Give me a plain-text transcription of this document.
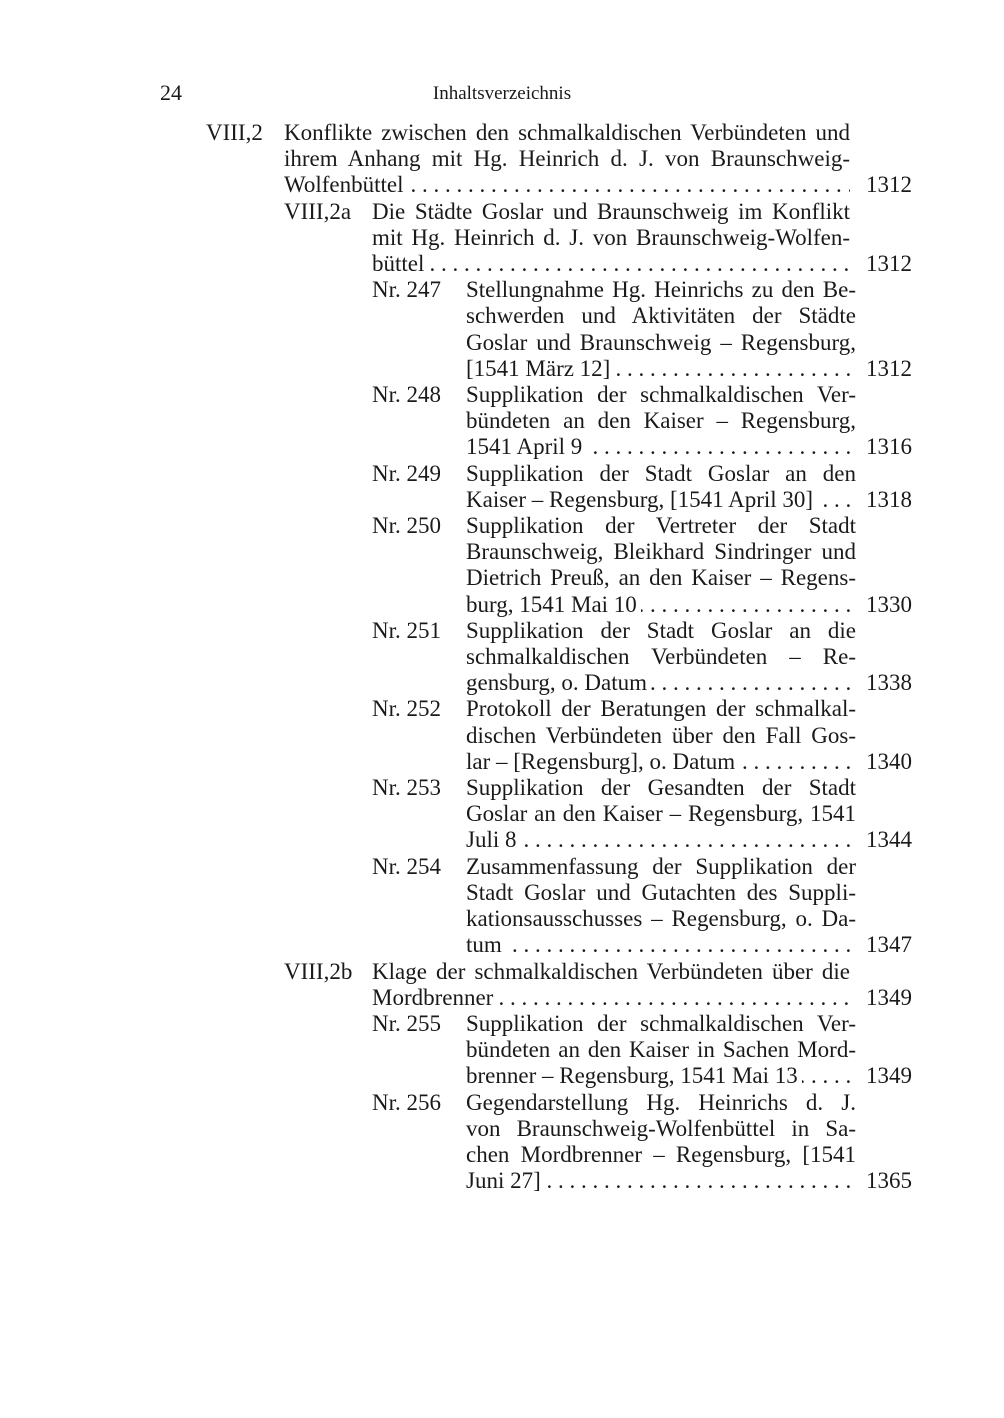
24	Inhaltsverzeichnis
VIII,2 Konflikte zwischen den schmalkaldischen Verbündeten und
ihrem Anhang mit Hg. Heinrich d. J. von Braunschweig-
Wolfenbüttel . . .	1312
VIII,2a Die Städte Goslar und Braunschweig im Konflikt
mit Hg. Heinrich d. J. von Braunschweig-Wolfen-
büttel . . .	1312
Nr. 247 Stellungnahme Hg. Heinrichs zu den Be-
schwerden und Aktivitäten der Städte
Goslar und Braunschweig – Regensburg,
[1541 März 12] . . .	1312
Nr. 248 Supplikation der schmalkaldischen Ver-
bündeten an den Kaiser – Regensburg,
1541 April 9 . . .	1316
Nr. 249 Supplikation der Stadt Goslar an den
Kaiser – Regensburg, [1541 April 30] . . .	1318
Nr. 250 Supplikation der Vertreter der Stadt
Braunschweig, Bleikhard Sindringer und
Dietrich Preuß, an den Kaiser – Regens-
burg, 1541 Mai 10 . . .	1330
Nr. 251 Supplikation der Stadt Goslar an die
schmalkaldischen Verbündeten – Re-
gensburg, o. Datum . . .	1338
Nr. 252 Protokoll der Beratungen der schmalkal-
dischen Verbündeten über den Fall Gos-
lar – [Regensburg], o. Datum . . .	1340
Nr. 253 Supplikation der Gesandten der Stadt
Goslar an den Kaiser – Regensburg, 1541
Juli 8 . . .	1344
Nr. 254 Zusammenfassung der Supplikation der
Stadt Goslar und Gutachten des Suppli-
kationsausschusses – Regensburg, o. Da-
tum . . .	1347
VIII,2b Klage der schmalkaldischen Verbündeten über die
Mordbrenner . . .	1349
Nr. 255 Supplikation der schmalkaldischen Ver-
bündeten an den Kaiser in Sachen Mord-
brenner – Regensburg, 1541 Mai 13 . . .	1349
Nr. 256 Gegendarstellung Hg. Heinrichs d. J.
von Braunschweig-Wolfenbüttel in Sa-
chen Mordbrenner – Regensburg, [1541
Juni 27] . . .	1365
